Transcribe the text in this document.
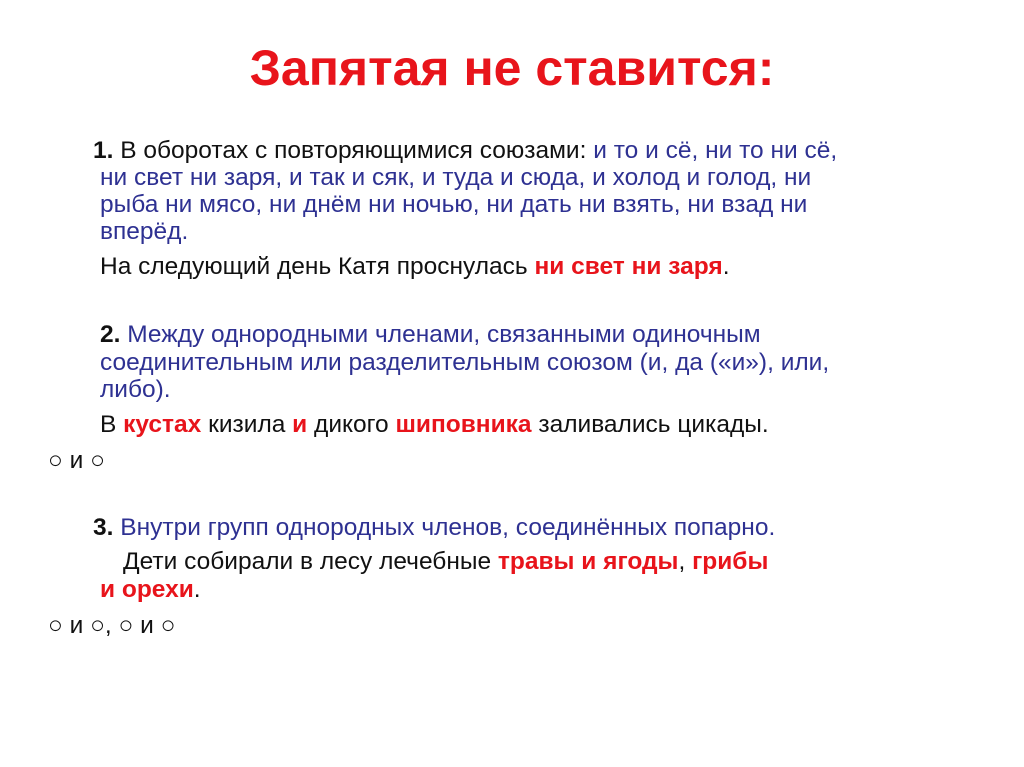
Запятая не ставится:

1. В оборотах с повторяющимися союзами: и то и сё, ни то ни сё,

ни свет ни заря, и так и сяк, и туда и сюда, и холод и голод, ни

рыба ни мясо, ни днём ни ночью, ни дать ни взять, ни взад ни

вперёд.

На следующий день Катя проснулась ни свет ни заря.

2. Между однородными членами, связанными одиночным

соединительным или разделительным союзом (и, да («и»), или,

либо).

В кустах кизила и дикого шиповника заливались цикады.

○ и ○

3. Внутри групп однородных членов, соединённых попарно.

Дети собирали в лесу лечебные травы и ягоды, грибы

и орехи.

○ и ○, ○ и ○
